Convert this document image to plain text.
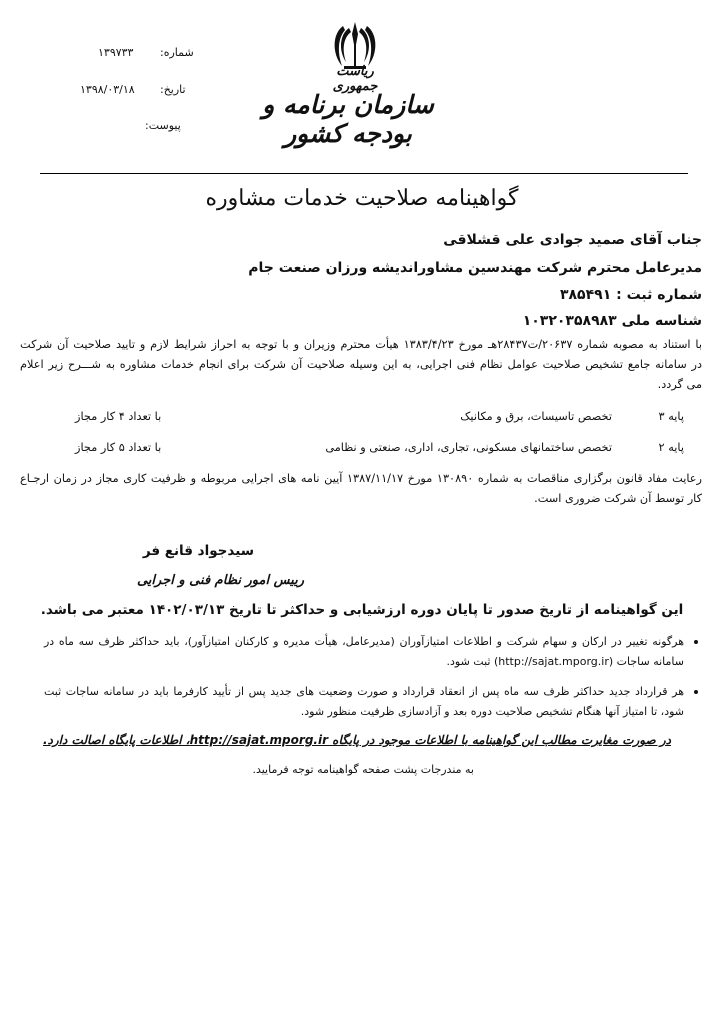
ریاست جمهوری
سازمان برنامه و بودجه کشور
شماره:
۱۳۹۷۳۳
تاریخ:
۱۳۹۸/۰۳/۱۸
پیوست:
گواهینامه صلاحیت خدمات مشاوره
جناب آقای صمید جوادی علی قشلاقی
مدیرعامل محترم شرکت مهندسین مشاوراندیشه ورزان صنعت جام
شماره ثبت : ۳۸۵۴۹۱
شناسه ملی ۱۰۳۲۰۳۵۸۹۸۳
با استناد به مصوبه شماره ۲۰۶۳۷/ت۲۸۴۳۷هـ مورخ ۱۳۸۳/۴/۲۳ هیأت محترم وزیران و با توجه به احراز شرایط لازم و تایید صلاحیت آن شرکت
در سامانه جامع تشخیص صلاحیت عوامل نظام فنی اجرایی، به این وسیله صلاحیت آن شرکت برای انجام خدمات مشاوره به شـــرح زیر اعلام
می گردد.
پایه ۳
تخصص تاسیسات، برق و مکانیک
با تعداد ۴ کار مجاز
پایه ۲
تخصص ساختمانهای مسکونی، تجاری، اداری، صنعتی و نظامی
با تعداد ۵ کار مجاز
رعایت مفاد قانون برگزاری مناقصات به شماره ۱۳۰۸۹۰ مورخ ۱۳۸۷/۱۱/۱۷ آیین نامه های اجرایی مربوطه و ظرفیت کاری مجاز در زمان ارجـاع
کار توسط آن شرکت ضروری است.
سیدجواد قانع فر
رییس امور نظام فنی و اجرایی
این گواهینامه از تاریخ صدور تا پایان دوره ارزشیابی و حداکثر تا تاریخ ۱۴۰۲/۰۳/۱۳ معتبر می باشد.
هرگونه تغییر در ارکان و سهام شرکت و اطلاعات امتیازآوران (مدیرعامل، هیأت مدیره و کارکنان امتیازآور)، باید حداکثر ظرف سه ماه در
سامانه ساجات (http://sajat.mporg.ir) ثبت شود.
هر قرارداد جدید حداکثر ظرف سه ماه پس از انعقاد قرارداد و صورت وضعیت های جدید پس از تأیید کارفرما باید در سامانه ساجات ثبت
شود، تا امتیاز آنها هنگام تشخیص صلاحیت دوره بعد و آزادسازی ظرفیت منظور شود.
در صورت مغایرت مطالب این گواهینامه با اطلاعات موجود در پایگاه http://sajat.mporg.ir، اطلاعات پایگاه اصالت دارد.
به مندرجات پشت صفحه گواهینامه توجه فرمایید.
